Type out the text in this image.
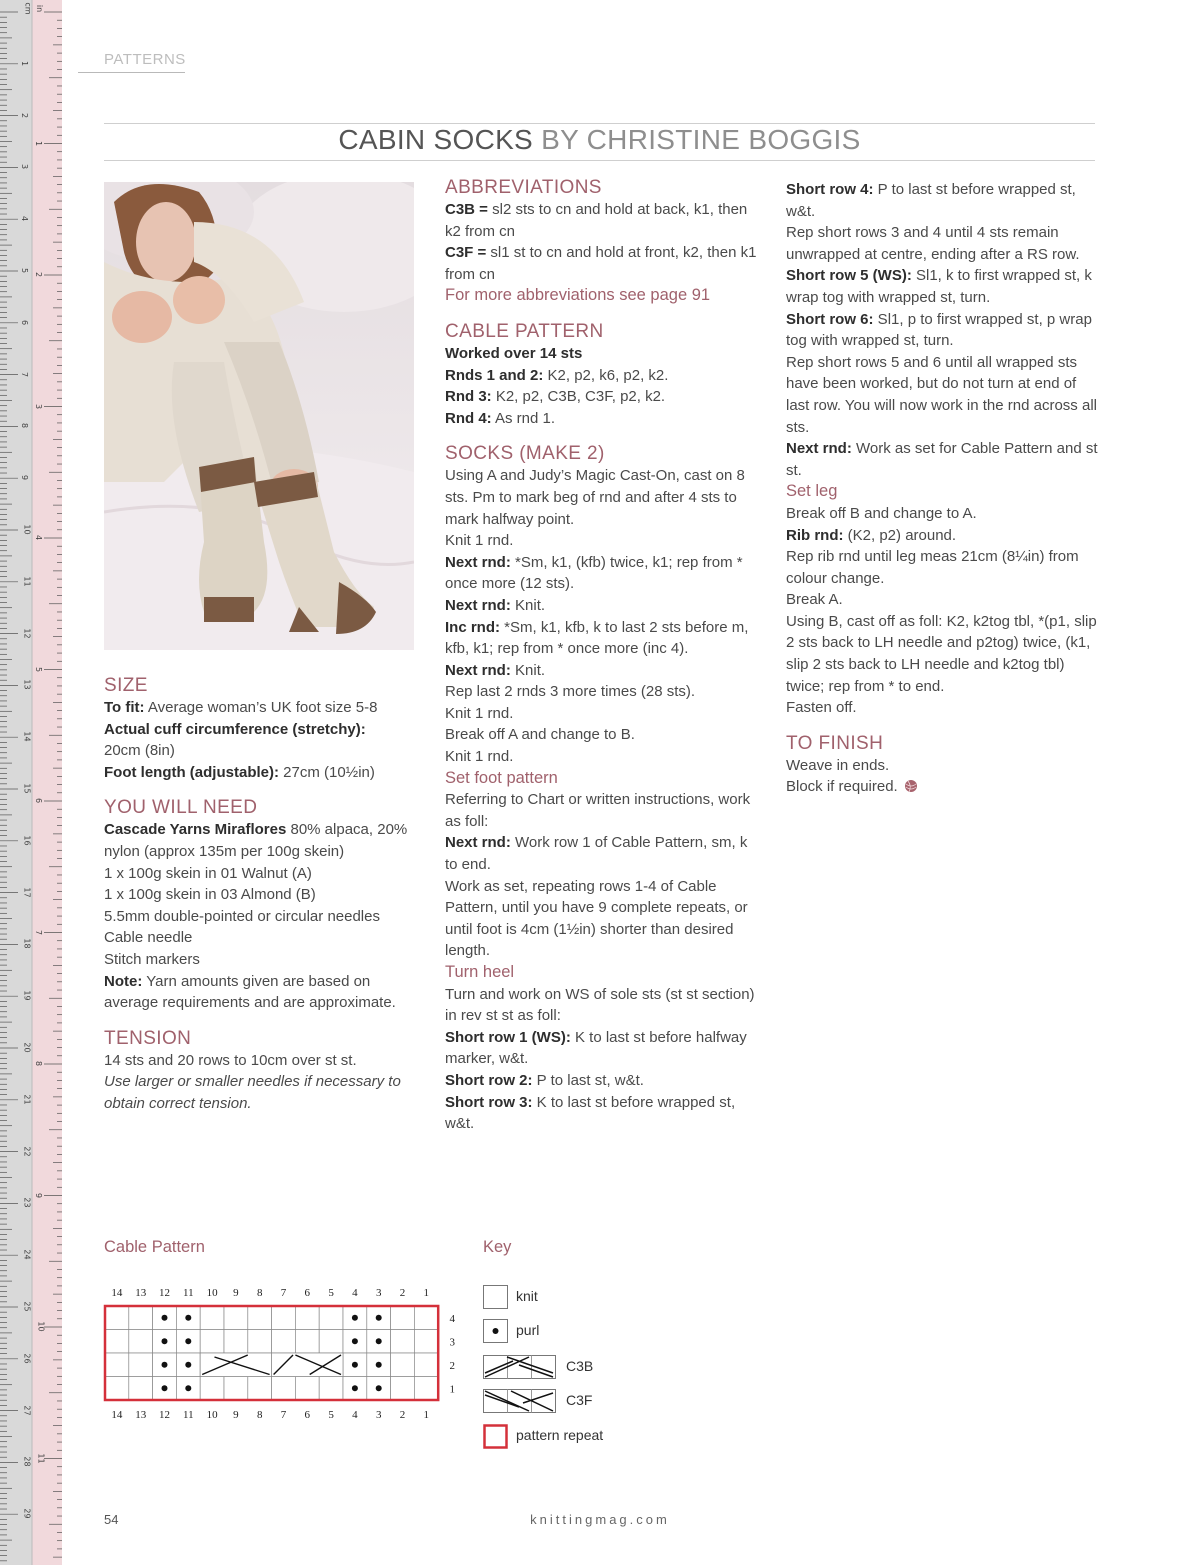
cm in
1
2
3
4
5
6
7
8
9
10
11
12
13
14
15
16
17
18
19
20
21
22
23
24
25
26
27
28
29
1
2
3
4
5
6
7
8
9
10
11
PATTERNS
CABIN SOCKS BY CHRISTINE BOGGIS
SIZE

To fit: Average woman’s UK foot size 5-8

Actual cuff circumference (stretchy):

20cm (8in)

Foot length (adjustable): 27cm (10½in)

YOU WILL NEED

Cascade Yarns Miraflores 80% alpaca, 20% nylon (approx 135m per 100g skein)

1 x 100g skein in 01 Walnut (A)

1 x 100g skein in 03 Almond (B)

5.5mm double-pointed or circular needles

Cable needle

Stitch markers

Note: Yarn amounts given are based on average requirements and are approximate.

TENSION

14 sts and 20 rows to 10cm over st st.

Use larger or smaller needles if necessary to obtain correct tension.

ABBREVIATIONS

C3B = sl2 sts to cn and hold at back, k1, then k2 from cn

C3F = sl1 st to cn and hold at front, k2, then k1 from cn

For more abbreviations see page 91

CABLE PATTERN

Worked over 14 sts

Rnds 1 and 2: K2, p2, k6, p2, k2.

Rnd 3: K2, p2, C3B, C3F, p2, k2.

Rnd 4: As rnd 1.

SOCKS (MAKE 2)

Using A and Judy’s Magic Cast-On, cast on 8 sts. Pm to mark beg of rnd and after 4 sts to mark halfway point.

Knit 1 rnd.

Next rnd: *Sm, k1, (kfb) twice, k1; rep from * once more (12 sts).

Next rnd: Knit.

Inc rnd: *Sm, k1, kfb, k to last 2 sts before m, kfb, k1; rep from * once more (inc 4).

Next rnd: Knit.

Rep last 2 rnds 3 more times (28 sts).

Knit 1 rnd.

Break off A and change to B.

Knit 1 rnd.

Set foot pattern

Referring to Chart or written instructions, work as foll:

Next rnd: Work row 1 of Cable Pattern, sm, k to end.

Work as set, repeating rows 1-4 of Cable Pattern, until you have 9 complete repeats, or until foot is 4cm (1½in) shorter than desired length.

Turn heel

Turn and work on WS of sole sts (st st section) in rev st st as foll:

Short row 1 (WS): K to last st before halfway marker, w&t.

Short row 2: P to last st, w&t.

Short row 3: K to last st before wrapped st, w&t.

Short row 4: P to last st before wrapped st, w&t.

Rep short rows 3 and 4 until 4 sts remain unwrapped at centre, ending after a RS row.

Short row 5 (WS): Sl1, k to first wrapped st, k wrap tog with wrapped st, turn.

Short row 6: Sl1, p to first wrapped st, p wrap tog with wrapped st, turn.

Rep short rows 5 and 6 until all wrapped sts have been worked, but do not turn at end of last row. You will now work in the rnd across all sts.

Next rnd: Work as set for Cable Pattern and st st.

Set leg

Break off B and change to A.

Rib rnd: (K2, p2) around.

Rep rib rnd until leg meas 21cm (8¼in) from colour change.

Break A.

Using B, cast off as foll: K2, k2tog tbl, *(p1, slip 2 sts back to LH needle and p2tog) twice, (k1, slip 2 sts back to LH needle and k2tog tbl) twice; rep from * to end.

Fasten off.

TO FINISH

Weave in ends.

Block if required.

Cable Pattern
14
14
13
13
12
12
11
11
10
10
9
9
8
8
7
7
6
6
5
5
4
4
3
3
2
2
1
1
4
3
2
1
Key
knit
purl
C3B
C3F
pattern repeat
54	knittingmag.com
